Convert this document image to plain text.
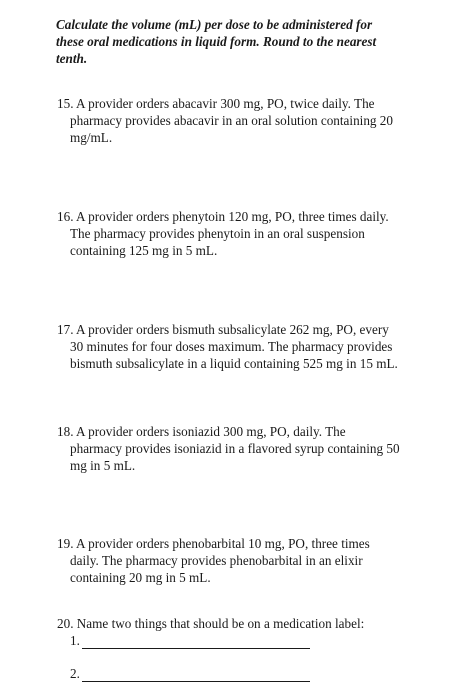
Calculate the volume (mL) per dose to be administered for
these oral medications in liquid form. Round to the nearest
tenth.
15. A provider orders abacavir 300 mg, PO, twice daily. The
pharmacy provides abacavir in an oral solution containing 20
mg/mL.
16. A provider orders phenytoin 120 mg, PO, three times daily.
The pharmacy provides phenytoin in an oral suspension
containing 125 mg in 5 mL.
17. A provider orders bismuth subsalicylate 262 mg, PO, every
30 minutes for four doses maximum. The pharmacy provides
bismuth subsalicylate in a liquid containing 525 mg in 15 mL.
18. A provider orders isoniazid 300 mg, PO, daily. The
pharmacy provides isoniazid in a flavored syrup containing 50
mg in 5 mL.
19. A provider orders phenobarbital 10 mg, PO, three times
daily. The pharmacy provides phenobarbital in an elixir
containing 20 mg in 5 mL.
20. Name two things that should be on a medication label:
1.
2.
